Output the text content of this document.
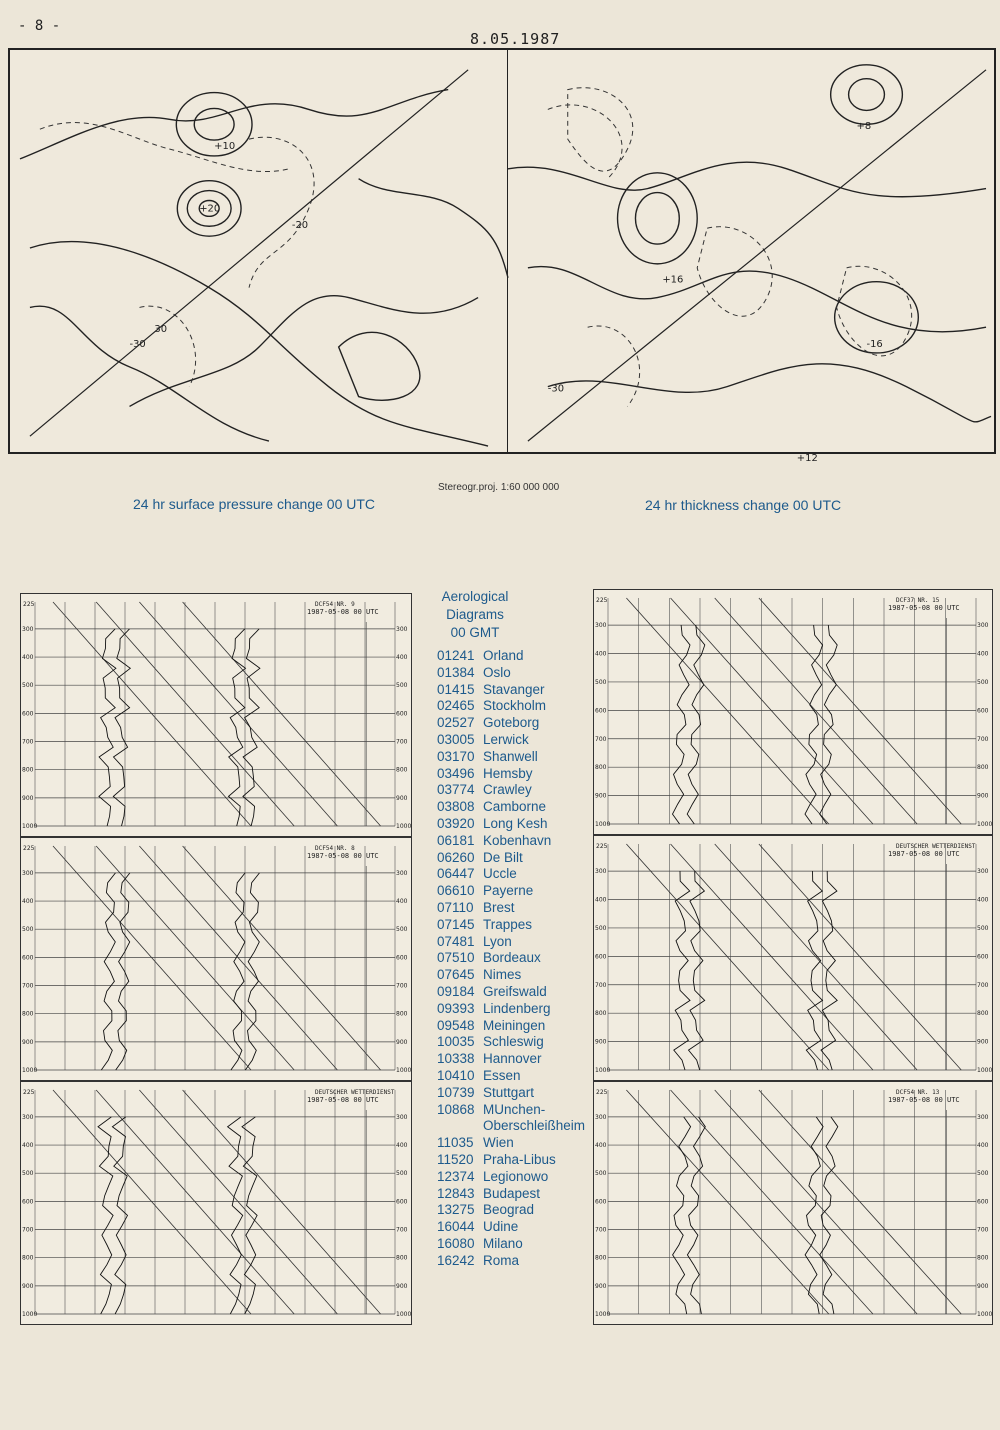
- 8 -
8.05.1987
+20
+10
-20
-30
+16
+8
-16
+12
-30
30
Stereogr.proj. 1:60 000 000
24 hr surface pressure change 00 UTC	24 hr thickness change 00 UTC
225
300	300
400	400
500	500
600	600
700	700
800	800
900	900
1000	1000
1987-05-08 00 UTC
DCF54 NR. 9
225
300	300
400	400
500	500
600	600
700	700
800	800
900	900
1000	1000
1987-05-08 00 UTC
DCF54 NR. 8
225
300	300
400	400
500	500
600	600
700	700
800	800
900	900
1000	1000
1987-05-08 00 UTC
DEUTSCHER WETTERDIENST
225
300	300
400	400
500	500
600	600
700	700
800	800
900	900
1000	1000
1987-05-08 00 UTC
DCF37 NR. 15
225
300	300
400	400
500	500
600	600
700	700
800	800
900	900
1000	1000
1987-05-08 00 UTC
DEUTSCHER WETTERDIENST
225
300	300
400	400
500	500
600	600
700	700
800	800
900	900
1000	1000
1987-05-08 00 UTC
DCF54 NR. 13
Aerological
Diagrams
00 GMT
01241 Orland
01384 Oslo
01415 Stavanger
02465 Stockholm
02527 Goteborg
03005 Lerwick
03170 Shanwell
03496 Hemsby
03774 Crawley
03808 Camborne
03920 Long Kesh
06181 Kobenhavn
06260 De Bilt
06447 Uccle
06610 Payerne
07110 Brest
07145 Trappes
07481 Lyon
07510 Bordeaux
07645 Nimes
09184 Greifswald
09393 Lindenberg
09548 Meiningen
10035 Schleswig
10338 Hannover
10410 Essen
10739 Stuttgart
10868 MUnchen-
Oberschleißheim
11035 Wien
11520 Praha-Libus
12374 Legionowo
12843 Budapest
13275 Beograd
16044 Udine
16080 Milano
16242 Roma
